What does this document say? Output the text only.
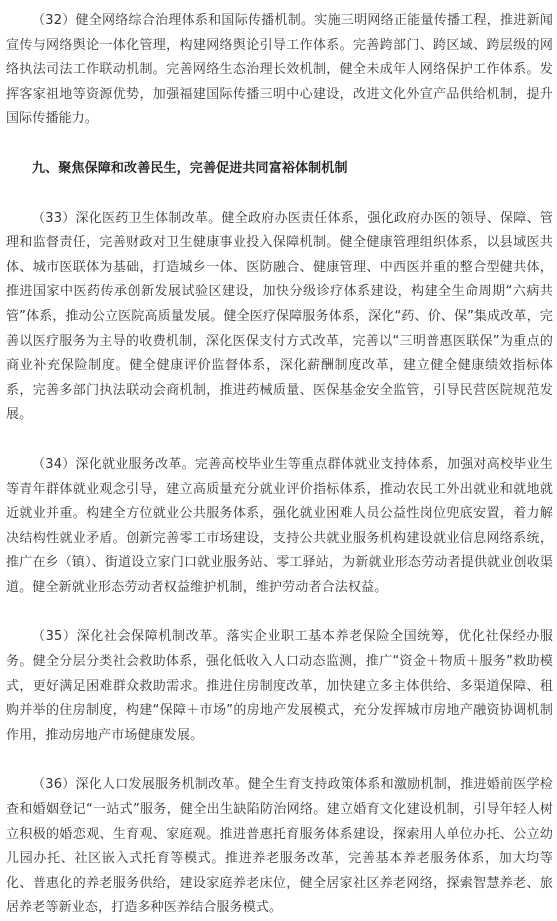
（32）健全网络综合治理体系和国际传播机制。实施三明网络正能量传播工程，推进新闻宣传与网络舆论一体化管理，构建网络舆论引导工作体系。完善跨部门、跨区域、跨层级的网络执法司法工作联动机制。完善网络生态治理长效机制，健全未成年人网络保护工作体系。发挥客家祖地等资源优势，加强福建国际传播三明中心建设，改进文化外宣产品供给机制，提升国际传播能力。

九、聚焦保障和改善民生，完善促进共同富裕体制机制

（33）深化医药卫生体制改革。健全政府办医责任体系，强化政府办医的领导、保障、管理和监督责任，完善财政对卫生健康事业投入保障机制。健全健康管理组织体系，以县域医共体、城市医联体为基础，打造城乡一体、医防融合、健康管理、中西医并重的整合型健共体，推进国家中医药传承创新发展试验区建设，加快分级诊疗体系建设，构建全生命周期“六病共管”体系，推动公立医院高质量发展。健全医疗保障服务体系，深化“药、价、保”集成改革，完善以医疗服务为主导的收费机制，深化医保支付方式改革，完善以“三明普惠医联保”为重点的商业补充保险制度。健全健康评价监督体系，深化薪酬制度改革，建立健全健康绩效指标体系，完善多部门执法联动会商机制，推进药械质量、医保基金安全监管，引导民营医院规范发展。

（34）深化就业服务改革。完善高校毕业生等重点群体就业支持体系，加强对高校毕业生等青年群体就业观念引导，建立高质量充分就业评价指标体系，推动农民工外出就业和就地就近就业并重。构建全方位就业公共服务体系，强化就业困难人员公益性岗位兜底安置，着力解决结构性就业矛盾。创新完善零工市场建设，支持公共就业服务机构建设就业信息网络系统，推广在乡（镇）、街道设立家门口就业服务站、零工驿站，为新就业形态劳动者提供就业创收渠道。健全新就业形态劳动者权益维护机制，维护劳动者合法权益。

（35）深化社会保障机制改革。落实企业职工基本养老保险全国统筹，优化社保经办服务。健全分层分类社会救助体系，强化低收入人口动态监测，推广“资金＋物质＋服务”救助模式，更好满足困难群众救助需求。推进住房制度改革，加快建立多主体供给、多渠道保障、租购并举的住房制度，构建“保障＋市场”的房地产发展模式，充分发挥城市房地产融资协调机制作用，推动房地产市场健康发展。

（36）深化人口发展服务机制改革。健全生育支持政策体系和激励机制，推进婚前医学检查和婚姻登记“一站式”服务，健全出生缺陷防治网络。建立婚育文化建设机制，引导年轻人树立积极的婚恋观、生育观、家庭观。推进普惠托育服务体系建设，探索用人单位办托、公立幼儿园办托、社区嵌入式托育等模式。推进养老服务改革，完善基本养老服务体系，加大均等化、普惠化的养老服务供给，建设家庭养老床位，健全居家社区养老网络，探索智慧养老、旅居养老等新业态，打造多种医养结合服务模式。
